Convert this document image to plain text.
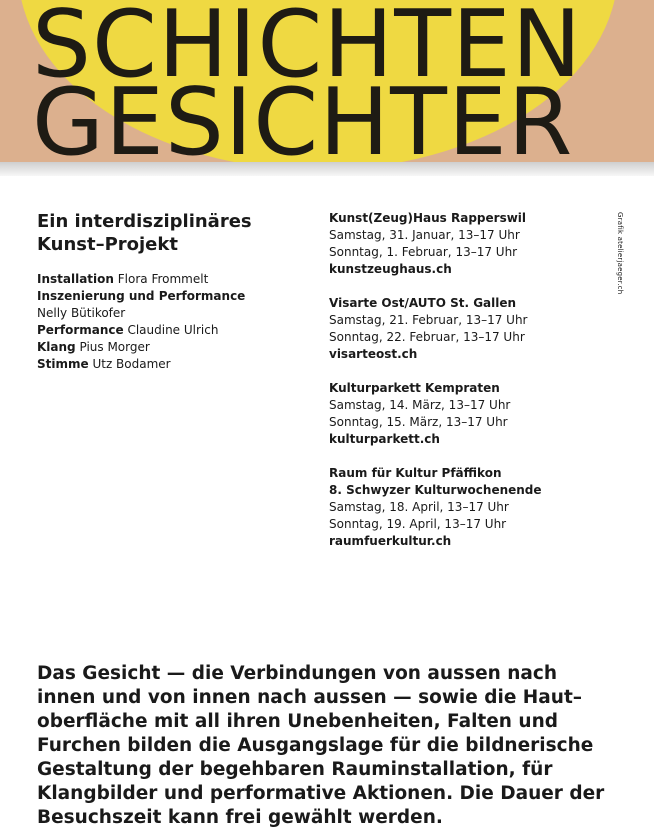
SCHICHTEN
GESICHTER
Ein interdisziplinäres
Kunst–Projekt
Installation Flora Frommelt
Inszenierung und Performance
Nelly Bütikofer
Performance Claudine Ulrich
Klang Pius Morger
Stimme Utz Bodamer
Kunst(Zeug)Haus Rapperswil
Samstag, 31. Januar, 13–17 Uhr
Sonntag, 1. Februar, 13–17 Uhr
kunstzeughaus.ch
Visarte Ost/AUTO St. Gallen
Samstag, 21. Februar, 13–17 Uhr
Sonntag, 22. Februar, 13–17 Uhr
visarteost.ch
Kulturparkett Kempraten
Samstag, 14. März, 13–17 Uhr
Sonntag, 15. März, 13–17 Uhr
kulturparkett.ch
Raum für Kultur Pfäffikon
8. Schwyzer Kulturwochenende
Samstag, 18. April, 13–17 Uhr
Sonntag, 19. April, 13–17 Uhr
raumfuerkultur.ch
Grafik atelierjaeger.ch

Das Gesicht — die Verbindungen von aussen nach innen und von innen nach aussen — sowie die Haut–oberfläche mit all ihren Unebenheiten, Falten und Furchen bilden die Ausgangslage für die bildnerische Gestaltung der begehbaren Rauminstallation, für Klangbilder und performative Aktionen. Die Dauer der Besuchszeit kann frei gewählt werden.
